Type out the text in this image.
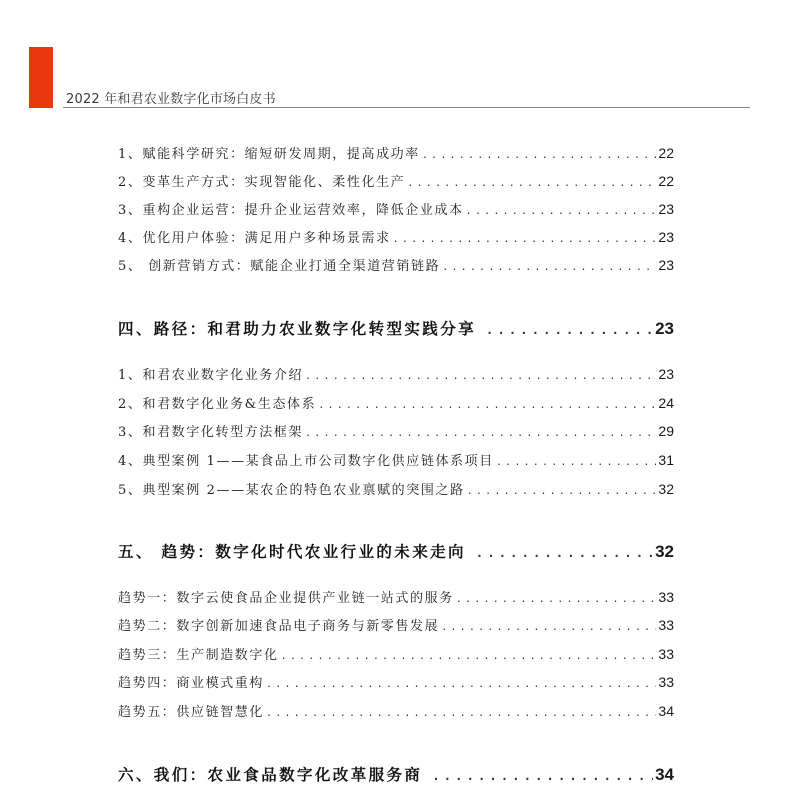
2022 年和君农业数字化市场白皮书
1、赋能科学研究：缩短研发周期，提高成功率 .....	22
2、变革生产方式：实现智能化、柔性化生产 .....	22
3、重构企业运营：提升企业运营效率，降低企业成本 .....	23
4、优化用户体验：满足用户多种场景需求 .....	23
5、 创新营销方式：赋能企业打通全渠道营销链路 .....	23
四、路径：和君助力农业数字化转型实践分享 .....	23
1、和君农业数字化业务介绍 .....	23
2、和君数字化业务&生态体系 .....	24
3、和君数字化转型方法框架 .....	29
4、典型案例 1——某食品上市公司数字化供应链体系项目 .....	31
5、典型案例 2——某农企的特色农业禀赋的突围之路 .....	32
五、 趋势：数字化时代农业行业的未来走向 .....	32
趋势一：数字云使食品企业提供产业链一站式的服务 .....	33
趋势二：数字创新加速食品电子商务与新零售发展 .....	33
趋势三：生产制造数字化 .....	33
趋势四：商业模式重构 .....	33
趋势五：供应链智慧化 .....	34
六、我们：农业食品数字化改革服务商 .....	34
